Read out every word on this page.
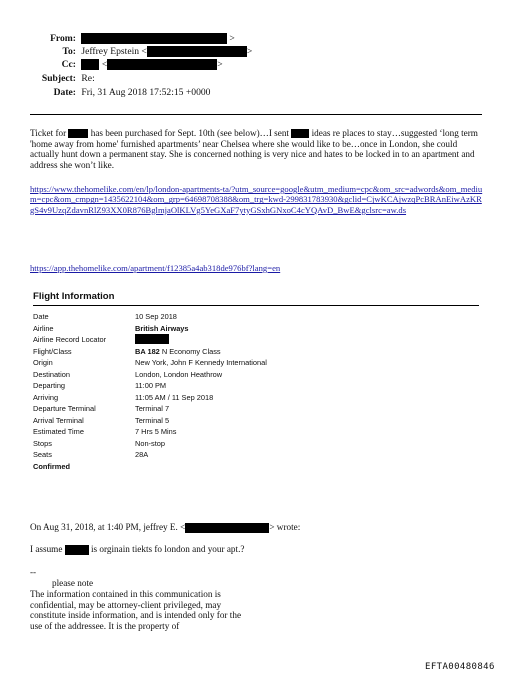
From:	>
To: Jeffrey Epstein <	>
Cc:	<	>
Subject: Re:
Date: Fri, 31 Aug 2018 17:52:15 +0000
Ticket for  has been purchased for Sept. 10th (see below)…I sent  ideas re places to stay…suggested ‘long term 'home away from home' furnished apartments’ near Chelsea where she would like to be…once in London, she could actually hunt down a permanent stay. She is concerned nothing is very nice and hates to be locked in to an apartment and address she won’t like.
https://www.thehomelike.com/en/lp/london-apartments-ta/?utm_source=google&utm_medium=cpc&om_src=adwords&om_medium=cpc&om_cmpgn=1435622104&om_grp=64698708388&om_trg=kwd-299831783930&gclid=CjwKCAjwzqPcBRAnEiwAzKRgS4v9UzqZdavnRlZ93XX0R876BglmjaOlKLVg5YeGXaF7ytyGSxhGNxoC4cYQAvD_BwE&gclsrc=aw.ds
https://app.thehomelike.com/apartment/f12385a4ab318de976bf?lang=en
Flight Information
Date	10 Sep 2018
Airline	British Airways
Airline Record Locator
Flight/Class	BA 182 N Economy Class
Origin	New York, John F Kennedy International
Destination	London, London Heathrow
Departing	11:00 PM
Arriving	11:05 AM / 11 Sep 2018
Departure Terminal	Terminal 7
Arrival Terminal	Terminal 5
Estimated Time	7 Hrs 5 Mins
Stops	Non-stop
Seats	28A
Confirmed
On Aug 31, 2018, at 1:40 PM, jeffrey E. <	> wrote:
I assume	is orginain tiekts fo london and your apt.?
--
please note
The information contained in this communication is confidential, may be attorney-client privileged, may constitute inside information, and is intended only for the use of the addressee. It is the property of
EFTA00480846
